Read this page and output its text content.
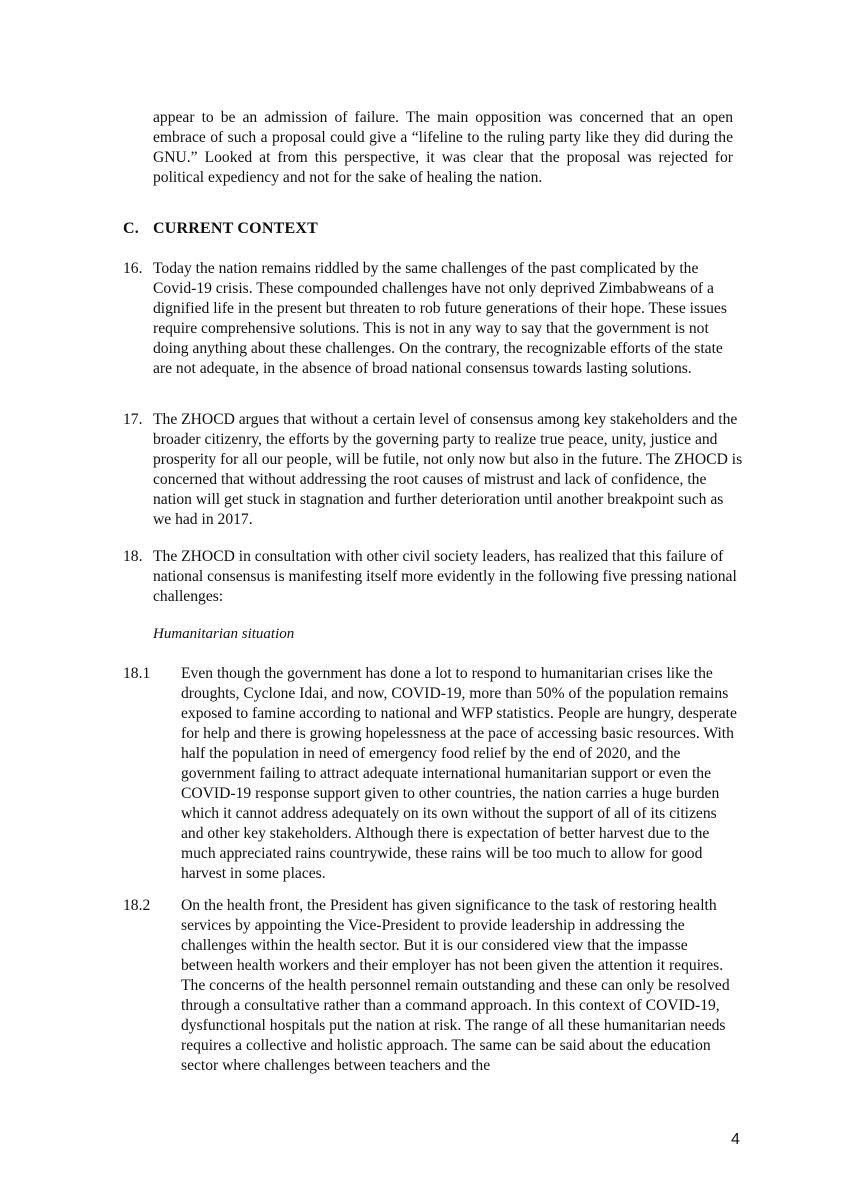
appear to be an admission of failure. The main opposition was concerned that an open embrace of such a proposal could give a “lifeline to the ruling party like they did during the GNU.” Looked at from this perspective, it was clear that the proposal was rejected for political expediency and not for the sake of healing the nation.
C. CURRENT CONTEXT
16. Today the nation remains riddled by the same challenges of the past complicated by the Covid-19 crisis. These compounded challenges have not only deprived Zimbabweans of a dignified life in the present but threaten to rob future generations of their hope. These issues require comprehensive solutions. This is not in any way to say that the government is not doing anything about these challenges. On the contrary, the recognizable efforts of the state are not adequate, in the absence of broad national consensus towards lasting solutions.
17. The ZHOCD argues that without a certain level of consensus among key stakeholders and the broader citizenry, the efforts by the governing party to realize true peace, unity, justice and prosperity for all our people, will be futile, not only now but also in the future. The ZHOCD is concerned that without addressing the root causes of mistrust and lack of confidence, the nation will get stuck in stagnation and further deterioration until another breakpoint such as we had in 2017.
18. The ZHOCD in consultation with other civil society leaders, has realized that this failure of national consensus is manifesting itself more evidently in the following five pressing national challenges:
Humanitarian situation
18.1	Even though the government has done a lot to respond to humanitarian crises like the droughts, Cyclone Idai, and now, COVID-19, more than 50% of the population remains exposed to famine according to national and WFP statistics. People are hungry, desperate for help and there is growing hopelessness at the pace of accessing basic resources. With half the population in need of emergency food relief by the end of 2020, and the government failing to attract adequate international humanitarian support or even the COVID-19 response support given to other countries, the nation carries a huge burden which it cannot address adequately on its own without the support of all of its citizens and other key stakeholders. Although there is expectation of better harvest due to the much appreciated rains countrywide, these rains will be too much to allow for good harvest in some places.
18.2	On the health front, the President has given significance to the task of restoring health services by appointing the Vice-President to provide leadership in addressing the challenges within the health sector. But it is our considered view that the impasse between health workers and their employer has not been given the attention it requires. The concerns of the health personnel remain outstanding and these can only be resolved through a consultative rather than a command approach. In this context of COVID-19, dysfunctional hospitals put the nation at risk. The range of all these humanitarian needs requires a collective and holistic approach. The same can be said about the education sector where challenges between teachers and the
4
